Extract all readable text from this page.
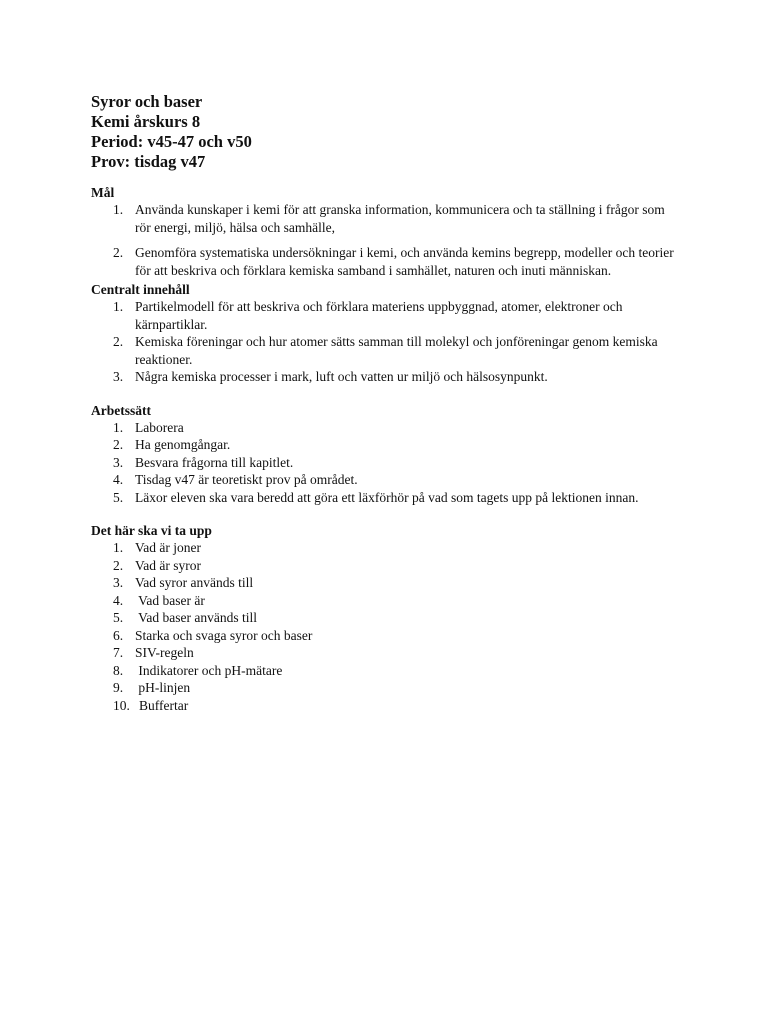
Syror och baser
Kemi årskurs 8
Period: v45-47 och v50
Prov: tisdag v47
Mål
1. Använda kunskaper i kemi för att granska information, kommunicera och ta ställning i frågor som rör energi, miljö, hälsa och samhälle,
2. Genomföra systematiska undersökningar i kemi, och använda kemins begrepp, modeller och teorier för att beskriva och förklara kemiska samband i samhället, naturen och inuti människan.
Centralt innehåll
1. Partikelmodell för att beskriva och förklara materiens uppbyggnad, atomer, elektroner och kärnpartiklar.
2. Kemiska föreningar och hur atomer sätts samman till molekyl och jonföreningar genom kemiska reaktioner.
3. Några kemiska processer i mark, luft och vatten ur miljö och hälsosynpunkt.
Arbetssätt
1. Laborera
2. Ha genomgångar.
3. Besvara frågorna till kapitlet.
4. Tisdag v47 är teoretiskt prov på området.
5. Läxor eleven ska vara beredd att göra ett läxförhör på vad som tagets upp på lektionen innan.
Det här ska vi ta upp
1. Vad är joner
2. Vad är syror
3. Vad syror används till
4. Vad baser är
5. Vad baser används till
6. Starka och svaga syror och baser
7. SIV-regeln
8. Indikatorer och pH-mätare
9. pH-linjen
10. Buffertar
